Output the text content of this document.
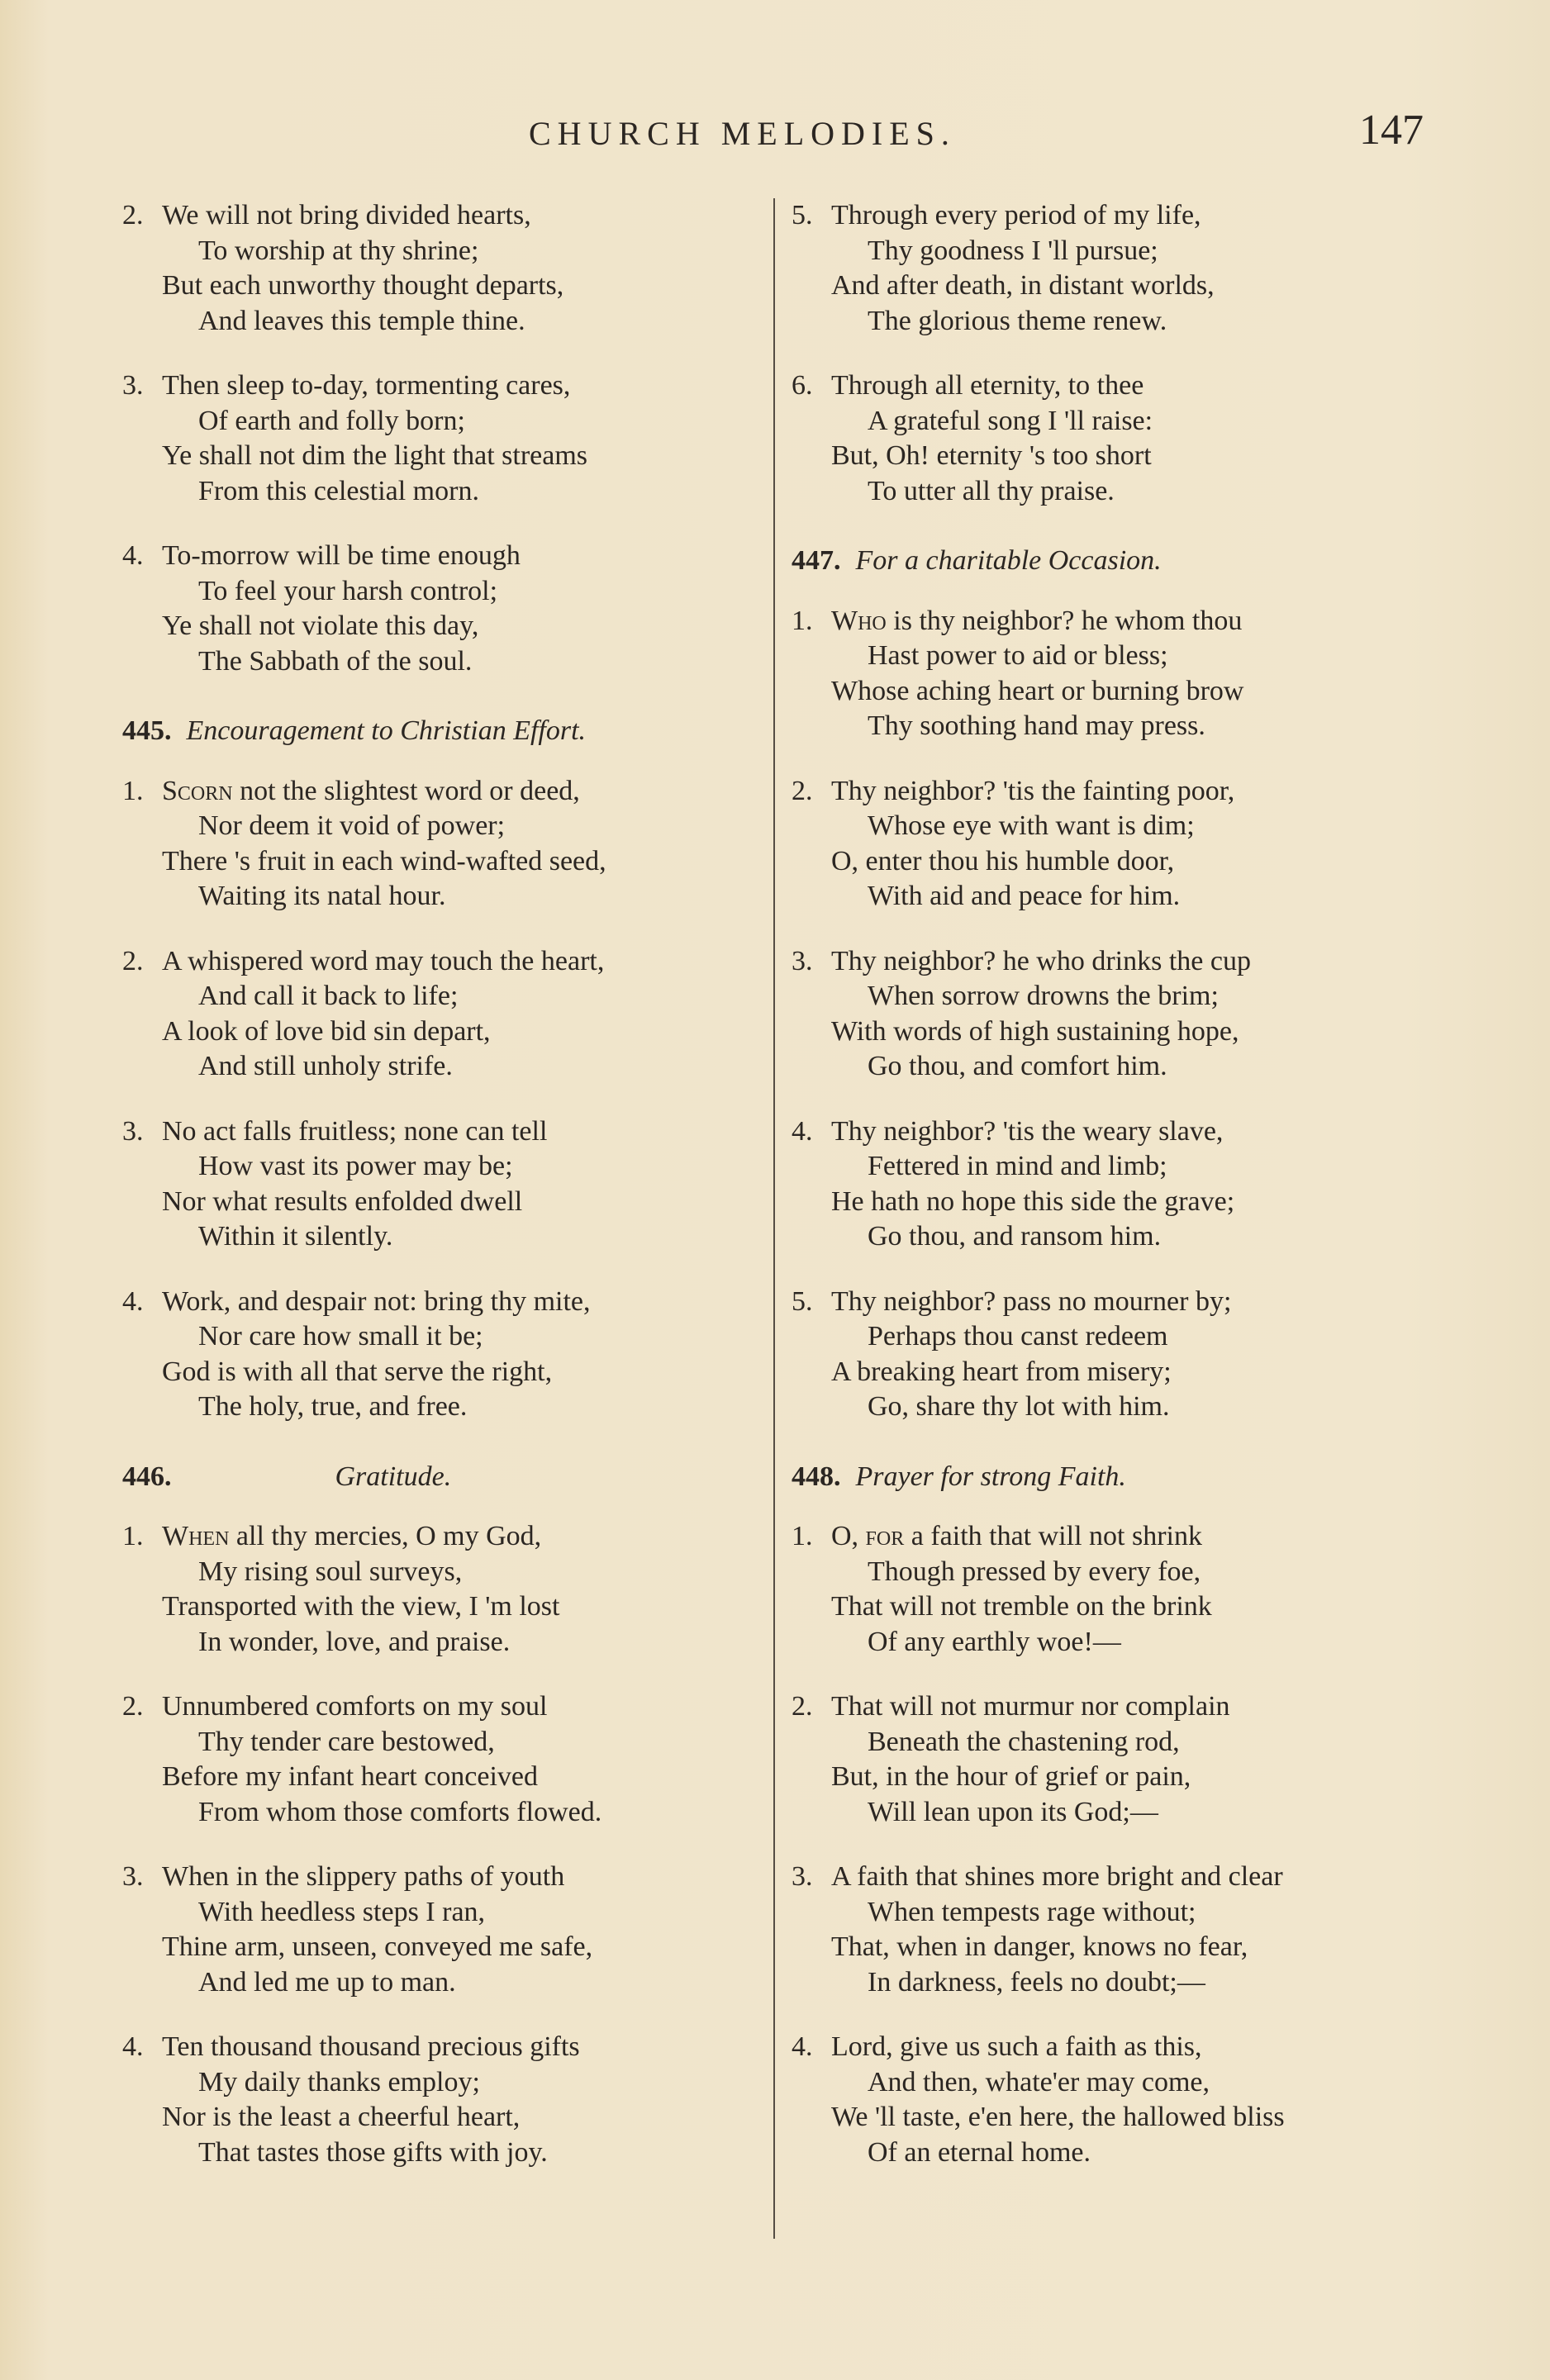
CHURCH MELODIES.	147
2. We will not bring divided hearts,
To worship at thy shrine;
But each unworthy thought departs,
And leaves this temple thine.
3. Then sleep to-day, tormenting cares,
Of earth and folly born;
Ye shall not dim the light that streams
From this celestial morn.
4. To-morrow will be time enough
To feel your harsh control;
Ye shall not violate this day,
The Sabbath of the soul.
445. Encouragement to Christian Effort.
1. Scorn not the slightest word or deed,
Nor deem it void of power;
There 's fruit in each wind-wafted seed,
Waiting its natal hour.
2. A whispered word may touch the heart,
And call it back to life;
A look of love bid sin depart,
And still unholy strife.
3. No act falls fruitless; none can tell
How vast its power may be;
Nor what results enfolded dwell
Within it silently.
4. Work, and despair not: bring thy mite,
Nor care how small it be;
God is with all that serve the right,
The holy, true, and free.
446.	Gratitude.
1. When all thy mercies, O my God,
My rising soul surveys,
Transported with the view, I 'm lost
In wonder, love, and praise.
2. Unnumbered comforts on my soul
Thy tender care bestowed,
Before my infant heart conceived
From whom those comforts flowed.
3. When in the slippery paths of youth
With heedless steps I ran,
Thine arm, unseen, conveyed me safe,
And led me up to man.
4. Ten thousand thousand precious gifts
My daily thanks employ;
Nor is the least a cheerful heart,
That tastes those gifts with joy.
5. Through every period of my life,
Thy goodness I 'll pursue;
And after death, in distant worlds,
The glorious theme renew.
6. Through all eternity, to thee
A grateful song I 'll raise:
But, Oh! eternity 's too short
To utter all thy praise.
447. For a charitable Occasion.
1. Who is thy neighbor? he whom thou
Hast power to aid or bless;
Whose aching heart or burning brow
Thy soothing hand may press.
2. Thy neighbor? 'tis the fainting poor,
Whose eye with want is dim;
O, enter thou his humble door,
With aid and peace for him.
3. Thy neighbor? he who drinks the cup
When sorrow drowns the brim;
With words of high sustaining hope,
Go thou, and comfort him.
4. Thy neighbor? 'tis the weary slave,
Fettered in mind and limb;
He hath no hope this side the grave;
Go thou, and ransom him.
5. Thy neighbor? pass no mourner by;
Perhaps thou canst redeem
A breaking heart from misery;
Go, share thy lot with him.
448. Prayer for strong Faith.
1. O, for a faith that will not shrink
Though pressed by every foe,
That will not tremble on the brink
Of any earthly woe!—
2. That will not murmur nor complain
Beneath the chastening rod,
But, in the hour of grief or pain,
Will lean upon its God;—
3. A faith that shines more bright and clear
When tempests rage without;
That, when in danger, knows no fear,
In darkness, feels no doubt;—
4. Lord, give us such a faith as this,
And then, whate'er may come,
We 'll taste, e'en here, the hallowed bliss
Of an eternal home.
